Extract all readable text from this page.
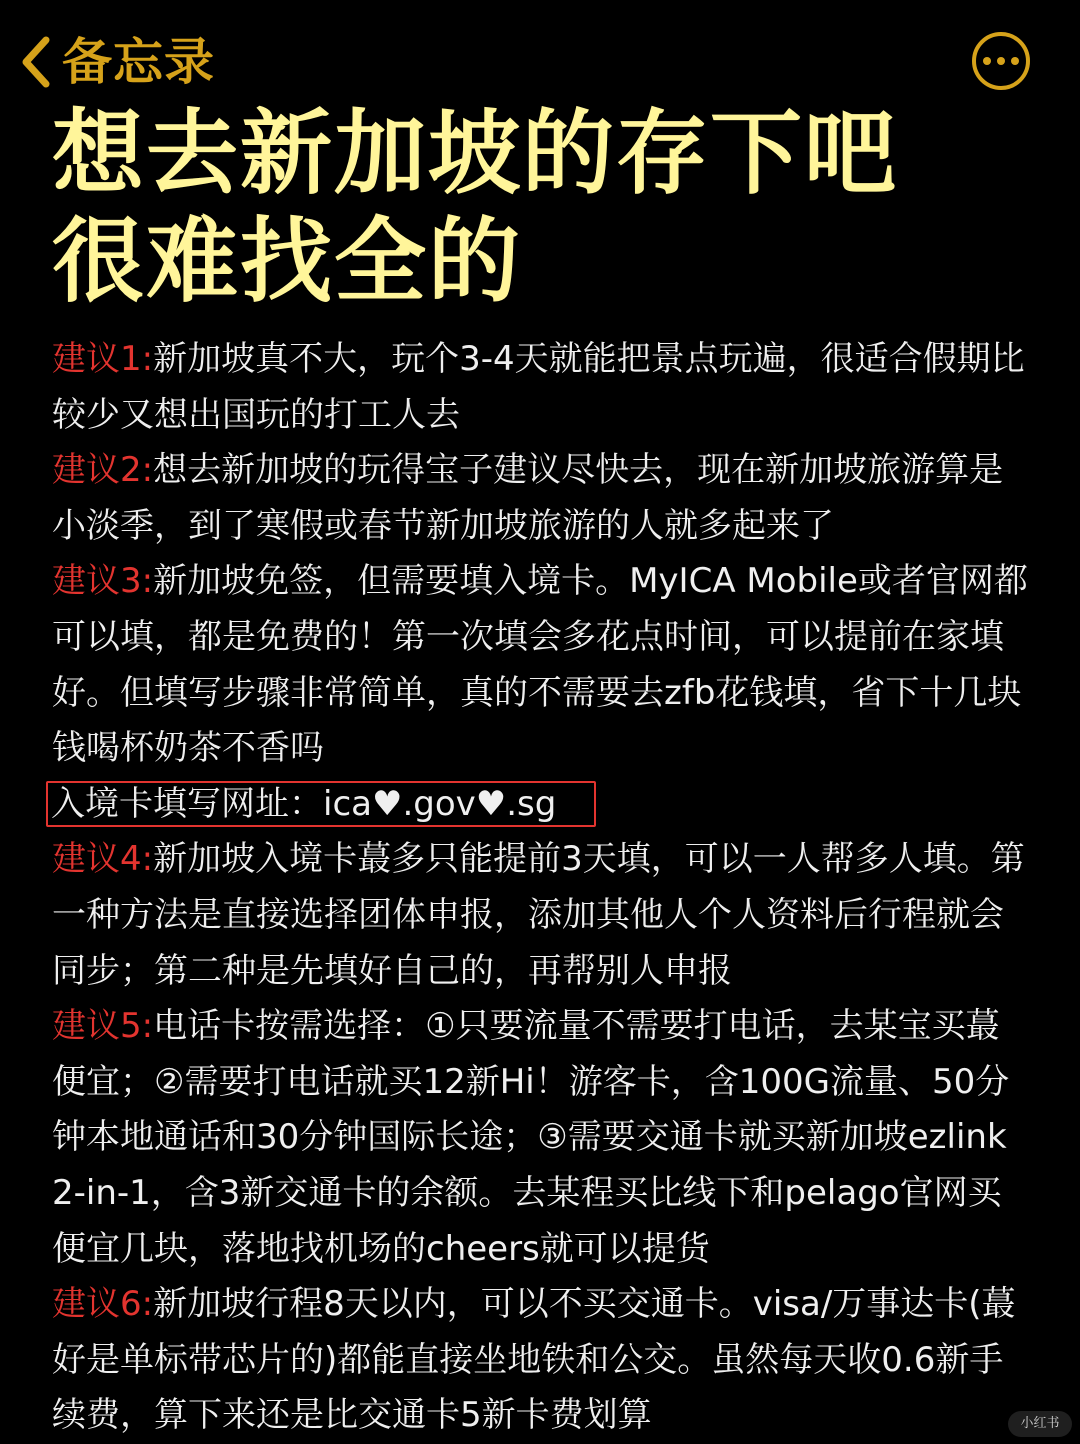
备忘录
想去新加坡的存下吧
很难找全的

建议1:新加坡真不大，玩个3-4天就能把景点玩遍，很适合假期比较少又想出国玩的打工人去

建议2:想去新加坡的玩得宝子建议尽快去，现在新加坡旅游算是小淡季，到了寒假或春节新加坡旅游的人就多起来了

建议3:新加坡免签，但需要填入境卡。MyICA Mobile或者官网都可以填，都是免费的！第一次填会多花点时间，可以提前在家填好。但填写步骤非常简单，真的不需要去zfb花钱填，省下十几块钱喝杯奶茶不香吗

入境卡填写网址：ica♥.gov♥.sg

建议4:新加坡入境卡蕞多只能提前3天填，可以一人帮多人填。第一种方法是直接选择团体申报，添加其他人个人资料后行程就会同步；第二种是先填好自己的，再帮别人申报

建议5:电话卡按需选择：①只要流量不需要打电话，去某宝买蕞便宜；②需要打电话就买12新Hi！游客卡，含100G流量、50分钟本地通话和30分钟国际长途；③需要交通卡就买新加坡ezlink 2-in-1，含3新交通卡的余额。去某程买比线下和pelago官网买便宜几块，落地找机场的cheers就可以提货

建议6:新加坡行程8天以内，可以不买交通卡。visa/万事达卡(蕞好是单标带芯片的)都能直接坐地铁和公交。虽然每天收0.6新手续费，算下来还是比交通卡5新卡费划算	小红书
